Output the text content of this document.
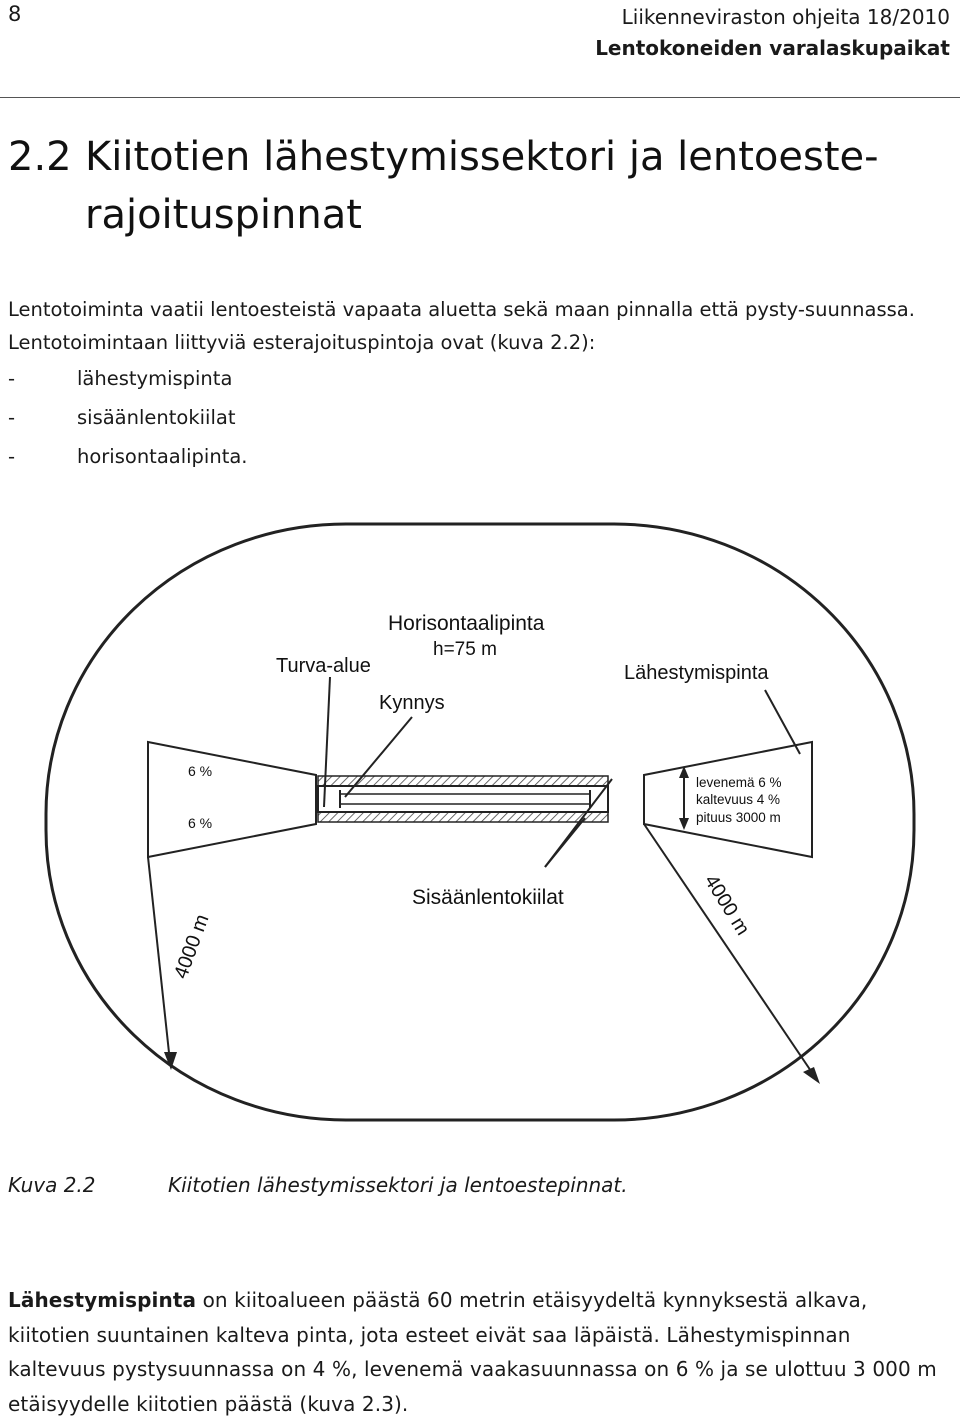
8	Liikenneviraston ohjeita 18/2010
Lentokoneiden varalaskupaikat
2.2 Kiitotien lähestymissektori ja lentoeste-
rajoituspinnat
Lentotoiminta vaatii lentoesteistä vapaata aluetta sekä maan pinnalla että pysty-suunnassa. Lentotoimintaan liittyviä esterajoituspintoja ovat (kuva 2.2):
-	lähestymispinta
-	sisäänlentokiilat
-	horisontaalipinta.
Horisontaalipinta
h=75 m
Turva-alue
Kynnys
Lähestymispinta
6 %
6 %
levenemä 6 %
kaltevuus 4 %
pituus 3000 m
Sisäänlentokiilat
4000 m
4000 m
Kuva 2.2	Kiitotien lähestymissektori ja lentoestepinnat.
Lähestymispinta on kiitoalueen päästä 60 metrin etäisyydeltä kynnyksestä alkava, kiitotien suuntainen kalteva pinta, jota esteet eivät saa läpäistä. Lähestymispinnan kaltevuus pystysuunnassa on 4 %, levenemä vaakasuunnassa on 6 % ja se ulottuu 3 000 m etäisyydelle kiitotien päästä (kuva 2.3).
